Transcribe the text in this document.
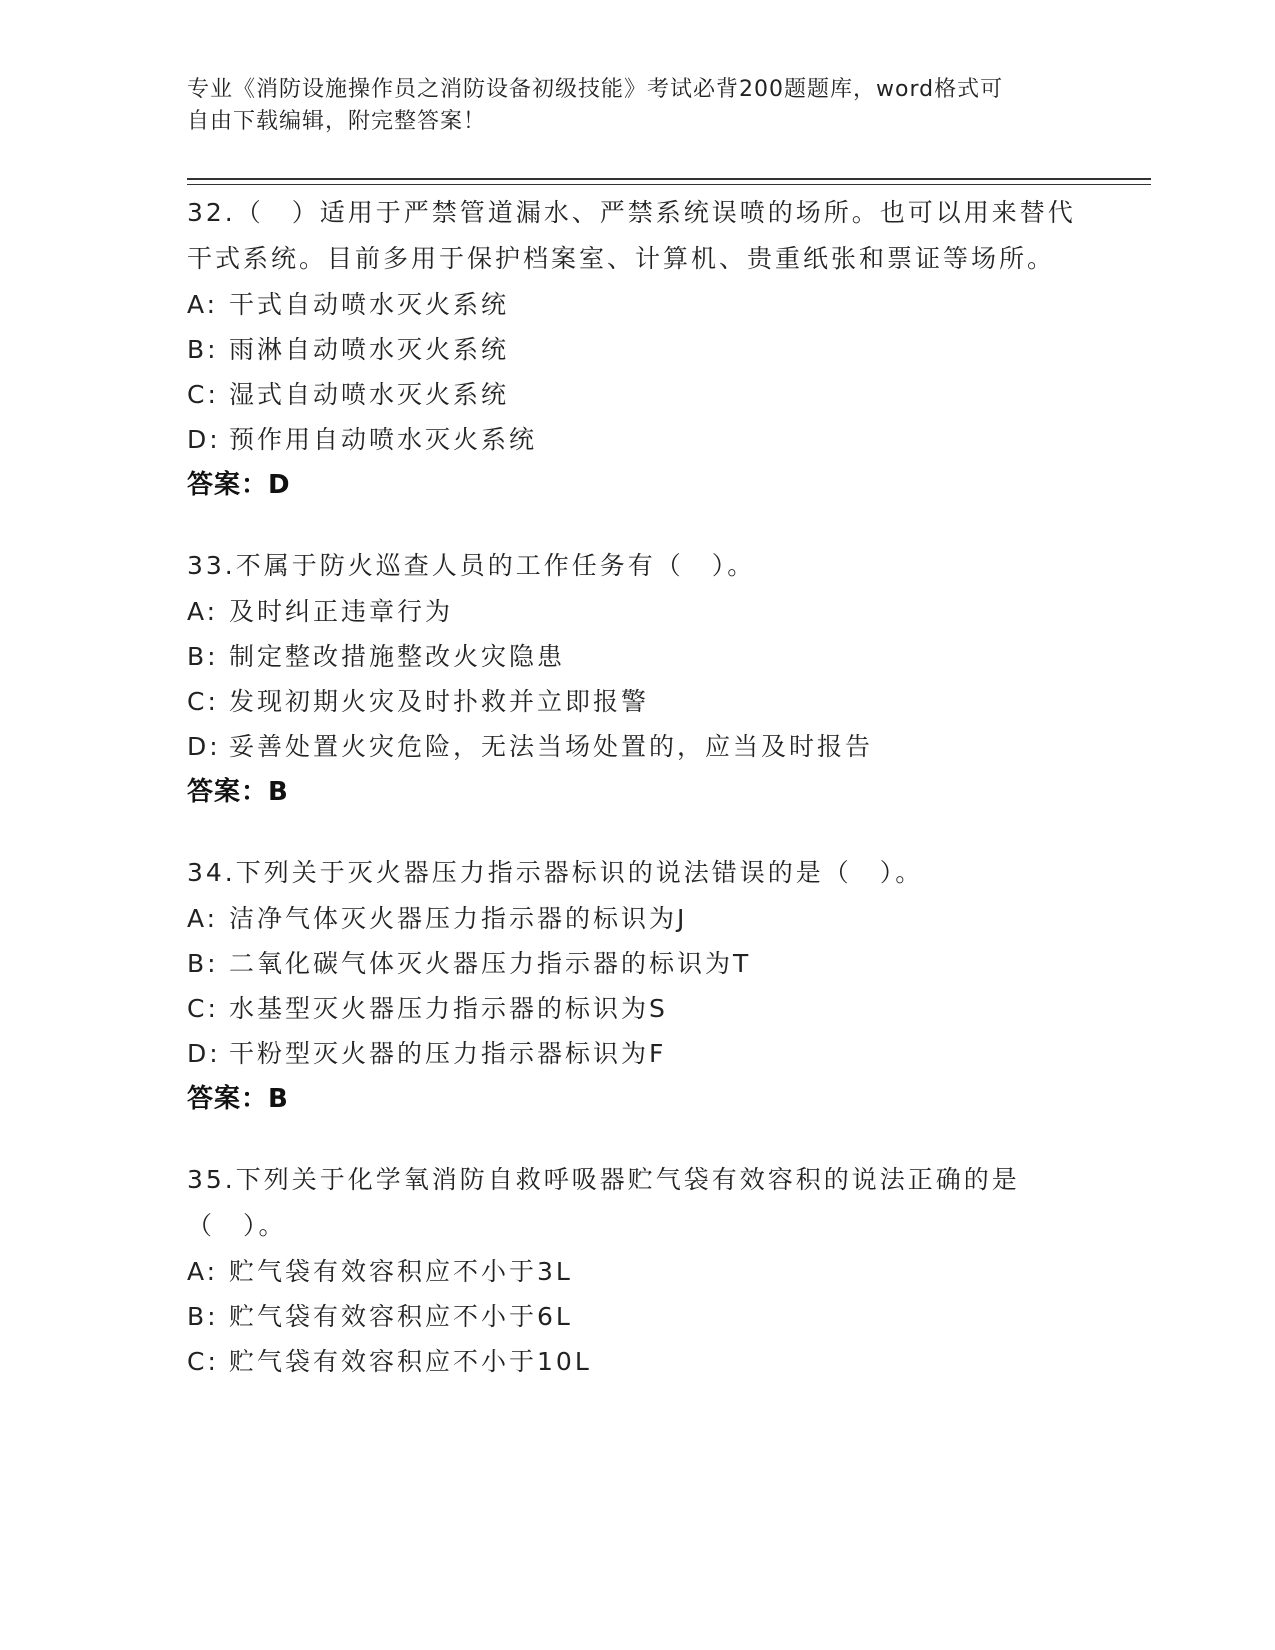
专业《消防设施操作员之消防设备初级技能》考试必背200题题库，word格式可
自由下载编辑，附完整答案！

32.（　）适用于严禁管道漏水、严禁系统误喷的场所。也可以用来替代干式系统。目前多用于保护档案室、计算机、贵重纸张和票证等场所。

A: 干式自动喷水灭火系统
B: 雨淋自动喷水灭火系统
C: 湿式自动喷水灭火系统
D: 预作用自动喷水灭火系统

答案：D

33.不属于防火巡查人员的工作任务有（　）。

A: 及时纠正违章行为
B: 制定整改措施整改火灾隐患
C: 发现初期火灾及时扑救并立即报警
D: 妥善处置火灾危险，无法当场处置的，应当及时报告

答案：B

34.下列关于灭火器压力指示器标识的说法错误的是（　）。

A: 洁净气体灭火器压力指示器的标识为J
B: 二氧化碳气体灭火器压力指示器的标识为T
C: 水基型灭火器压力指示器的标识为S
D: 干粉型灭火器的压力指示器标识为F

答案：B

35.下列关于化学氧消防自救呼吸器贮气袋有效容积的说法正确的是（　）。

A: 贮气袋有效容积应不小于3L
B: 贮气袋有效容积应不小于6L
C: 贮气袋有效容积应不小于10L
